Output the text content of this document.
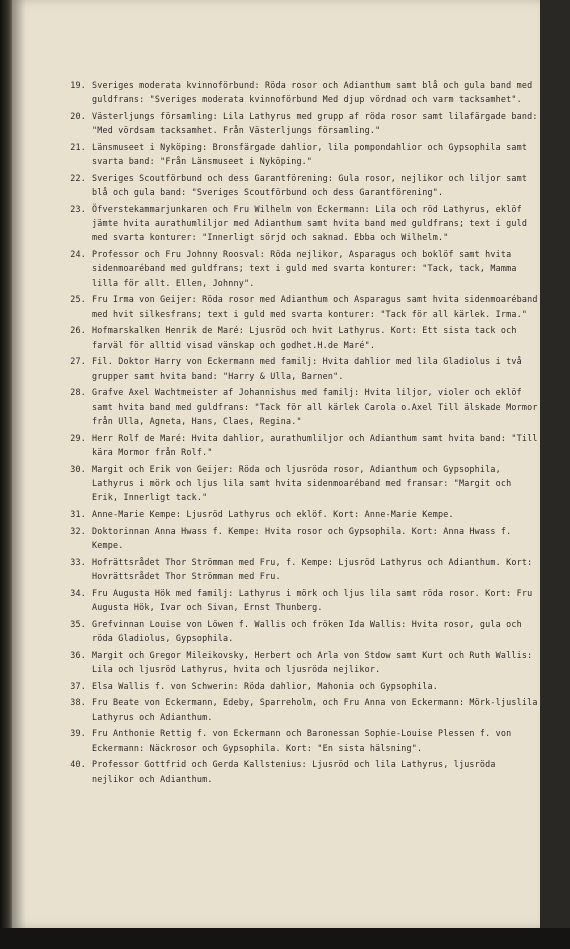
19. Sveriges moderata kvinnoförbund: Röda rosor och Adianthum samt blå och gula band med guldfrans: "Sveriges moderata kvinnoförbund Med djup vördnad och varm tacksamhet".
20. Västerljungs församling: Lila Lathyrus med grupp af röda rosor samt lilafärgade band: "Med vördsam tacksamhet. Från Västerljungs församling."
21. Länsmuseet i Nyköping: Bronsfärgade dahlior, lila pompondahlior och Gypsophila samt svarta band: "Från Länsmuseet i Nyköping."
22. Sveriges Scoutförbund och dess Garantförening: Gula rosor, nejlikor och liljor samt blå och gula band: "Sveriges Scoutförbund och dess Garantförening".
23. Öfverstekammarjunkaren och Fru Wilhelm von Eckermann: Lila och röd Lathyrus, eklöf jämte hvita aurathumliljor med Adianthum samt hvita band med guldfrans; text i guld med svarta konturer: "Innerligt sörjd och saknad. Ebba och Wilhelm."
24. Professor och Fru Johnny Roosval: Röda nejlikor, Asparagus och boklöf samt hvita sidenmoaréband med guldfrans; text i guld med svarta konturer: "Tack, tack, Mamma lilla för allt. Ellen, Johnny".
25. Fru Irma von Geijer: Röda rosor med Adianthum och Asparagus samt hvita sidenmoaréband med hvit silkesfrans; text i guld med svarta konturer: "Tack för all kärlek. Irma."
26. Hofmarskalken Henrik de Maré: Ljusröd och hvit Lathyrus. Kort: Ett sista tack och farväl för alltid visad vänskap och godhet.H.de Maré".
27. Fil. Doktor Harry von Eckermann med familj: Hvita dahlior med lila Gladiolus i två grupper samt hvita band: "Harry & Ulla, Barnen".
28. Grafve Axel Wachtmeister af Johannishus med familj: Hvita liljor, violer och eklöf samt hvita band med guldfrans: "Tack för all kärlek Carola o.Axel Till älskade Mormor från Ulla, Agneta, Hans, Claes, Regina."
29. Herr Rolf de Maré: Hvita dahlior, aurathumliljor och Adianthum samt hvita band: "Till kära Mormor från Rolf."
30. Margit och Erik von Geijer: Röda och ljusröda rosor, Adianthum och Gypsophila, Lathyrus i mörk och ljus lila samt hvita sidenmoaréband med fransar: "Margit och Erik, Innerligt tack."
31. Anne-Marie Kempe: Ljusröd Lathyrus och eklöf. Kort: Anne-Marie Kempe.
32. Doktorinnan Anna Hwass f. Kempe: Hvita rosor och Gypsophila. Kort: Anna Hwass f. Kempe.
33. Hofrättsrådet Thor Strömman med Fru, f. Kempe: Ljusröd Lathyrus och Adianthum. Kort: Hovrättsrådet Thor Strömman med Fru.
34. Fru Augusta Hök med familj: Lathyrus i mörk och ljus lila samt röda rosor. Kort: Fru Augusta Hök, Ivar och Sivan, Ernst Thunberg.
35. Grefvinnan Louise von Löwen f. Wallis och fröken Ida Wallis: Hvita rosor, gula och röda Gladiolus, Gypsophila.
36. Margit och Gregor Mileikovsky, Herbert och Arla von Stdow samt Kurt och Ruth Wallis: Lila och ljusröd Lathyrus, hvita och ljusröda nejlikor.
37. Elsa Wallis f. von Schwerin: Röda dahlior, Mahonia och Gypsophila.
38. Fru Beate von Eckermann, Edeby, Sparreholm, och Fru Anna von Eckermann: Mörk-ljuslila Lathyrus och Adianthum.
39. Fru Anthonie Rettig f. von Eckermann och Baronessan Sophie-Louise Plessen f. von Eckermann: Näckrosor och Gypsophila. Kort: "En sista hälsning".
40. Professor Gottfrid och Gerda Kallstenius: Ljusröd och lila Lathyrus, ljusröda nejlikor och Adianthum.
